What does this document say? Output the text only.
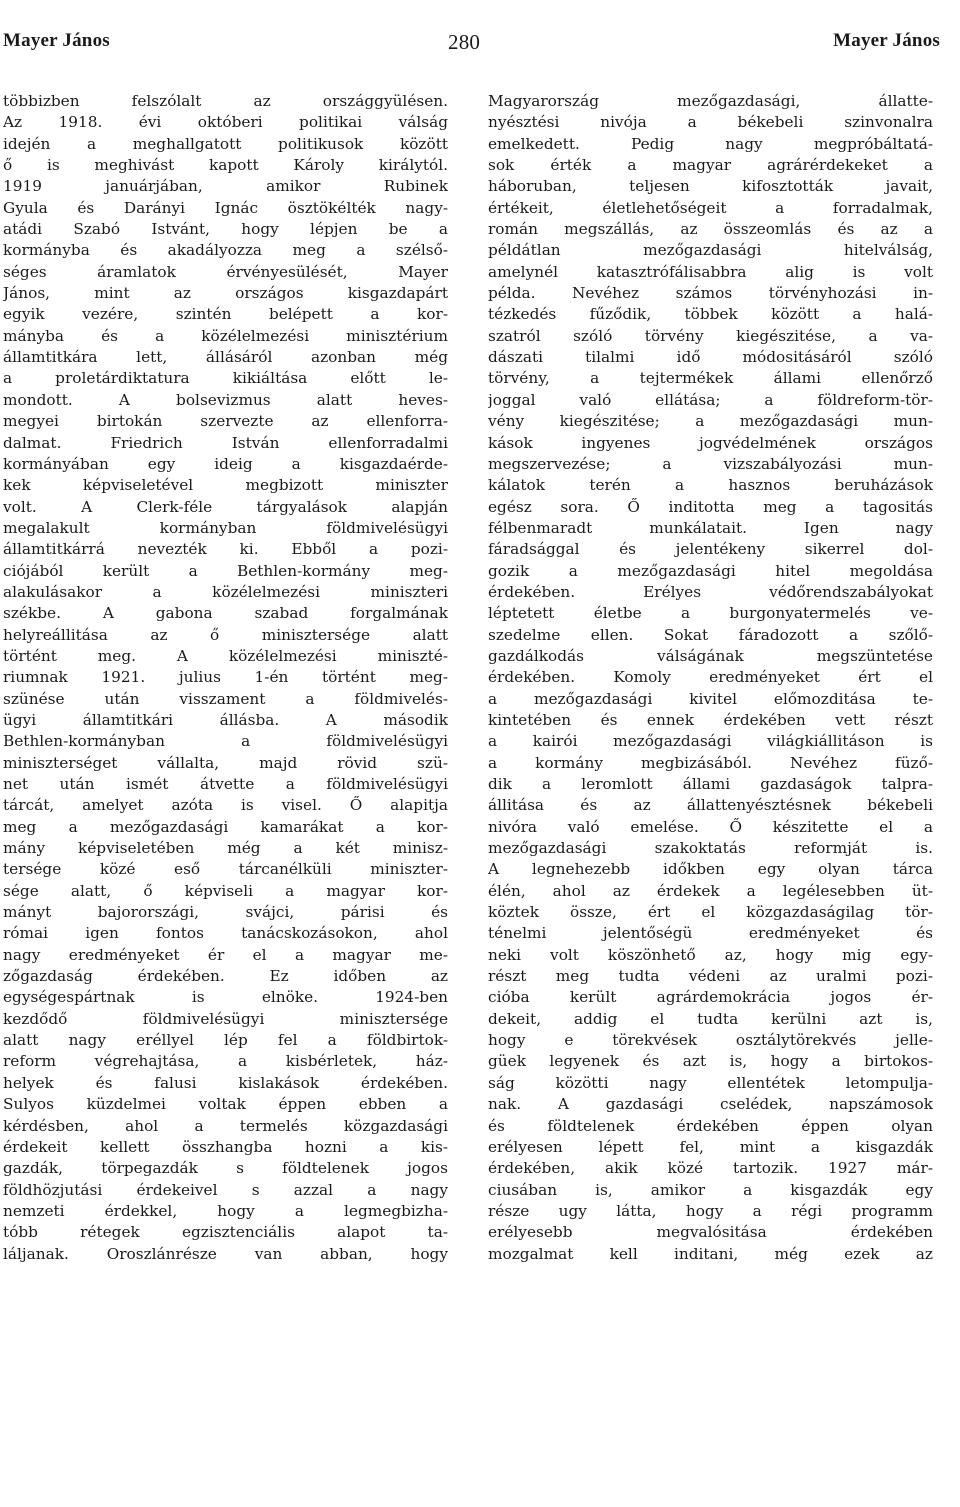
Mayer János	280	Mayer János
többizben felszólalt az országgyülésen.
Az 1918. évi októberi politikai válság
idején a meghallgatott politikusok között
ő is meghivást kapott Károly királytól.
1919 januárjában, amikor Rubinek
Gyula és Darányi Ignác ösztökélték nagy-
atádi Szabó Istvánt, hogy lépjen be a
kormányba és akadályozza meg a szélső-
séges áramlatok érvényesülését, Mayer
János, mint az országos kisgazdapárt
egyik vezére, szintén belépett a kor-
mányba és a közélelmezési minisztérium
államtitkára lett, állásáról azonban még
a proletárdiktatura kikiáltása előtt le-
mondott. A bolsevizmus alatt heves-
megyei birtokán szervezte az ellenforra-
dalmat. Friedrich István ellenforradalmi
kormányában egy ideig a kisgazdaérde-
kek képviseletével megbizott miniszter
volt. A Clerk-féle tárgyalások alapján
megalakult kormányban földmivelésügyi
államtitkárrá nevezték ki. Ebből a pozi-
ciójából került a Bethlen-kormány meg-
alakulásakor a közélelmezési miniszteri
székbe. A gabona szabad forgalmának
helyreállitása az ő minisztersége alatt
történt meg. A közélelmezési miniszté-
riumnak 1921. julius 1-én történt meg-
szünése után visszament a földmivelés-
ügyi államtitkári állásba. A második
Bethlen-kormányban a földmivelésügyi
miniszterséget vállalta, majd rövid szü-
net után ismét átvette a földmivelésügyi
tárcát, amelyet azóta is visel. Ő alapitja
meg a mezőgazdasági kamarákat a kor-
mány képviseletében még a két minisz-
tersége közé eső tárcanélküli miniszter-
sége alatt, ő képviseli a magyar kor-
mányt bajorországi, svájci, párisi és
római igen fontos tanácskozásokon, ahol
nagy eredményeket ér el a magyar me-
zőgazdaság érdekében. Ez időben az
egységespártnak is elnöke. 1924-ben
kezdődő földmivelésügyi minisztersége
alatt nagy eréllyel lép fel a földbirtok-
reform végrehajtása, a kisbérletek, ház-
helyek és falusi kislakások érdekében.
Sulyos küzdelmei voltak éppen ebben a
kérdésben, ahol a termelés közgazdasági
érdekeit kellett összhangba hozni a kis-
gazdák, törpegazdák s földtelenek jogos
földhözjutási érdekeivel s azzal a nagy
nemzeti érdekkel, hogy a legmegbizha-
tóbb rétegek egzisztenciális alapot ta-
láljanak. Oroszlánrésze van abban, hogy
Magyarország mezőgazdasági, állatte-
nyésztési nivója a békebeli szinvonalra
emelkedett. Pedig nagy megpróbáltatá-
sok érték a magyar agrárérdekeket a
háboruban, teljesen kifosztották javait,
értékeit, életlehetőségeit a forradalmak,
román megszállás, az összeomlás és az a
példátlan mezőgazdasági hitelválság,
amelynél katasztrófálisabbra alig is volt
példa. Nevéhez számos törvényhozási in-
tézkedés fűződik, többek között a halá-
szatról szóló törvény kiegészitése, a va-
dászati tilalmi idő módositásáról szóló
törvény, a tejtermékek állami ellenőrző
joggal való ellátása; a földreform-tör-
vény kiegészitése; a mezőgazdasági mun-
kások ingyenes jogvédelmének országos
megszervezése; a vizszabályozási mun-
kálatok terén a hasznos beruházások
egész sora. Ő inditotta meg a tagositás
félbenmaradt munkálatait. Igen nagy
fáradsággal és jelentékeny sikerrel dol-
gozik a mezőgazdasági hitel megoldása
érdekében. Erélyes védőrendszabályokat
léptetett életbe a burgonyatermelés ve-
szedelme ellen. Sokat fáradozott a szőlő-
gazdálkodás válságának megszüntetése
érdekében. Komoly eredményeket ért el
a mezőgazdasági kivitel előmozditása te-
kintetében és ennek érdekében vett részt
a kairói mezőgazdasági világkiállitáson is
a kormány megbizásából. Nevéhez füző-
dik a leromlott állami gazdaságok talpra-
állitása és az állattenyésztésnek békebeli
nivóra való emelése. Ő készitette el a
mezőgazdasági szakoktatás reformját is.
A legnehezebb időkben egy olyan tárca
élén, ahol az érdekek a legélesebben üt-
köztek össze, ért el közgazdaságilag tör-
ténelmi jelentőségü eredményeket és
neki volt köszönhető az, hogy mig egy-
részt meg tudta védeni az uralmi pozi-
cióba került agrárdemokrácia jogos ér-
dekeit, addig el tudta kerülni azt is,
hogy e törekvések osztálytörekvés jelle-
güek legyenek és azt is, hogy a birtokos-
ság közötti nagy ellentétek letompulja-
nak. A gazdasági cselédek, napszámosok
és földtelenek érdekében éppen olyan
erélyesen lépett fel, mint a kisgazdák
érdekében, akik közé tartozik. 1927 már-
ciusában is, amikor a kisgazdák egy
része ugy látta, hogy a régi programm
erélyesebb megvalósitása érdekében
mozgalmat kell inditani, még ezek az
